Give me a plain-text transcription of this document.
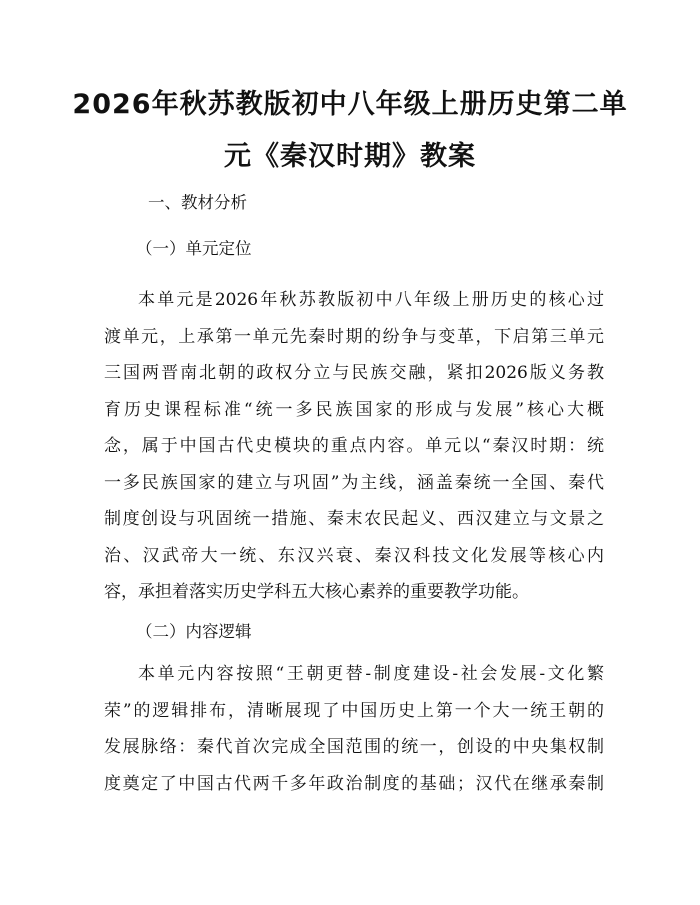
2026年秋苏教版初中八年级上册历史第二单
元《秦汉时期》教案
一、教材分析
（一）单元定位
本单元是2026年秋苏教版初中八年级上册历史的核心过
渡单元，上承第一单元先秦时期的纷争与变革，下启第三单元
三国两晋南北朝的政权分立与民族交融，紧扣2026版义务教
育历史课程标准“统一多民族国家的形成与发展”核心大概
念，属于中国古代史模块的重点内容。单元以“秦汉时期：统
一多民族国家的建立与巩固”为主线，涵盖秦统一全国、秦代
制度创设与巩固统一措施、秦末农民起义、西汉建立与文景之
治、汉武帝大一统、东汉兴衰、秦汉科技文化发展等核心内
容，承担着落实历史学科五大核心素养的重要教学功能。
（二）内容逻辑
本单元内容按照“王朝更替-制度建设-社会发展-文化繁
荣”的逻辑排布，清晰展现了中国历史上第一个大一统王朝的
发展脉络：秦代首次完成全国范围的统一，创设的中央集权制
度奠定了中国古代两千多年政治制度的基础；汉代在继承秦制
